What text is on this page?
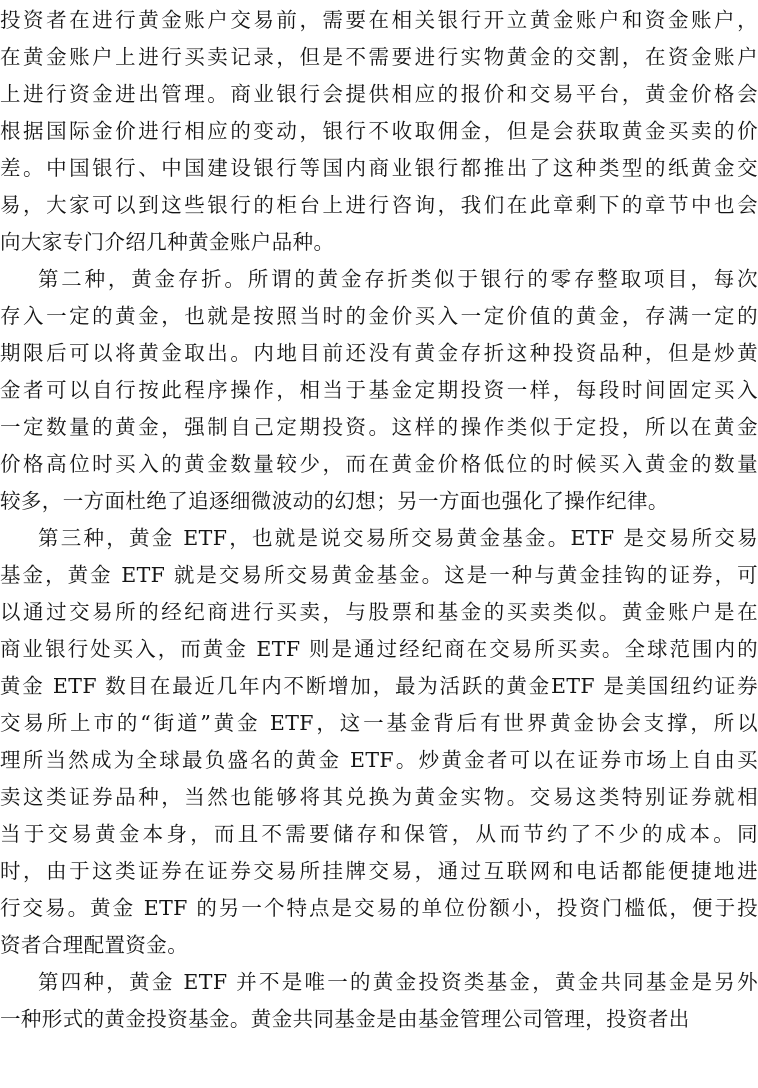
投资者在进行黄金账户交易前，需要在相关银行开立黄金账户和资金账户，
在黄金账户上进行买卖记录，但是不需要进行实物黄金的交割，在资金账户
上进行资金进出管理。商业银行会提供相应的报价和交易平台，黄金价格会
根据国际金价进行相应的变动，银行不收取佣金，但是会获取黄金买卖的价
差。中国银行、中国建设银行等国内商业银行都推出了这种类型的纸黄金交
易，大家可以到这些银行的柜台上进行咨询，我们在此章剩下的章节中也会
向大家专门介绍几种黄金账户品种。
第二种，黄金存折。所谓的黄金存折类似于银行的零存整取项目，每次
存入一定的黄金，也就是按照当时的金价买入一定价值的黄金，存满一定的
期限后可以将黄金取出。内地目前还没有黄金存折这种投资品种，但是炒黄
金者可以自行按此程序操作，相当于基金定期投资一样，每段时间固定买入
一定数量的黄金，强制自己定期投资。这样的操作类似于定投，所以在黄金
价格高位时买入的黄金数量较少，而在黄金价格低位的时候买入黄金的数量
较多，一方面杜绝了追逐细微波动的幻想；另一方面也强化了操作纪律。
第三种，黄金 ETF，也就是说交易所交易黄金基金。ETF 是交易所交易
基金，黄金 ETF 就是交易所交易黄金基金。这是一种与黄金挂钩的证券，可
以通过交易所的经纪商进行买卖，与股票和基金的买卖类似。黄金账户是在
商业银行处买入，而黄金 ETF 则是通过经纪商在交易所买卖。全球范围内的
黄金 ETF 数目在最近几年内不断增加，最为活跃的黄金ETF 是美国纽约证券
交易所上市的“街道”黄金 ETF，这一基金背后有世界黄金协会支撑，所以
理所当然成为全球最负盛名的黄金 ETF。炒黄金者可以在证券市场上自由买
卖这类证券品种，当然也能够将其兑换为黄金实物。交易这类特别证券就相
当于交易黄金本身，而且不需要储存和保管，从而节约了不少的成本。同
时，由于这类证券在证券交易所挂牌交易，通过互联网和电话都能便捷地进
行交易。黄金 ETF 的另一个特点是交易的单位份额小，投资门槛低，便于投
资者合理配置资金。
第四种，黄金 ETF 并不是唯一的黄金投资类基金，黄金共同基金是另外
一种形式的黄金投资基金。黄金共同基金是由基金管理公司管理，投资者出
